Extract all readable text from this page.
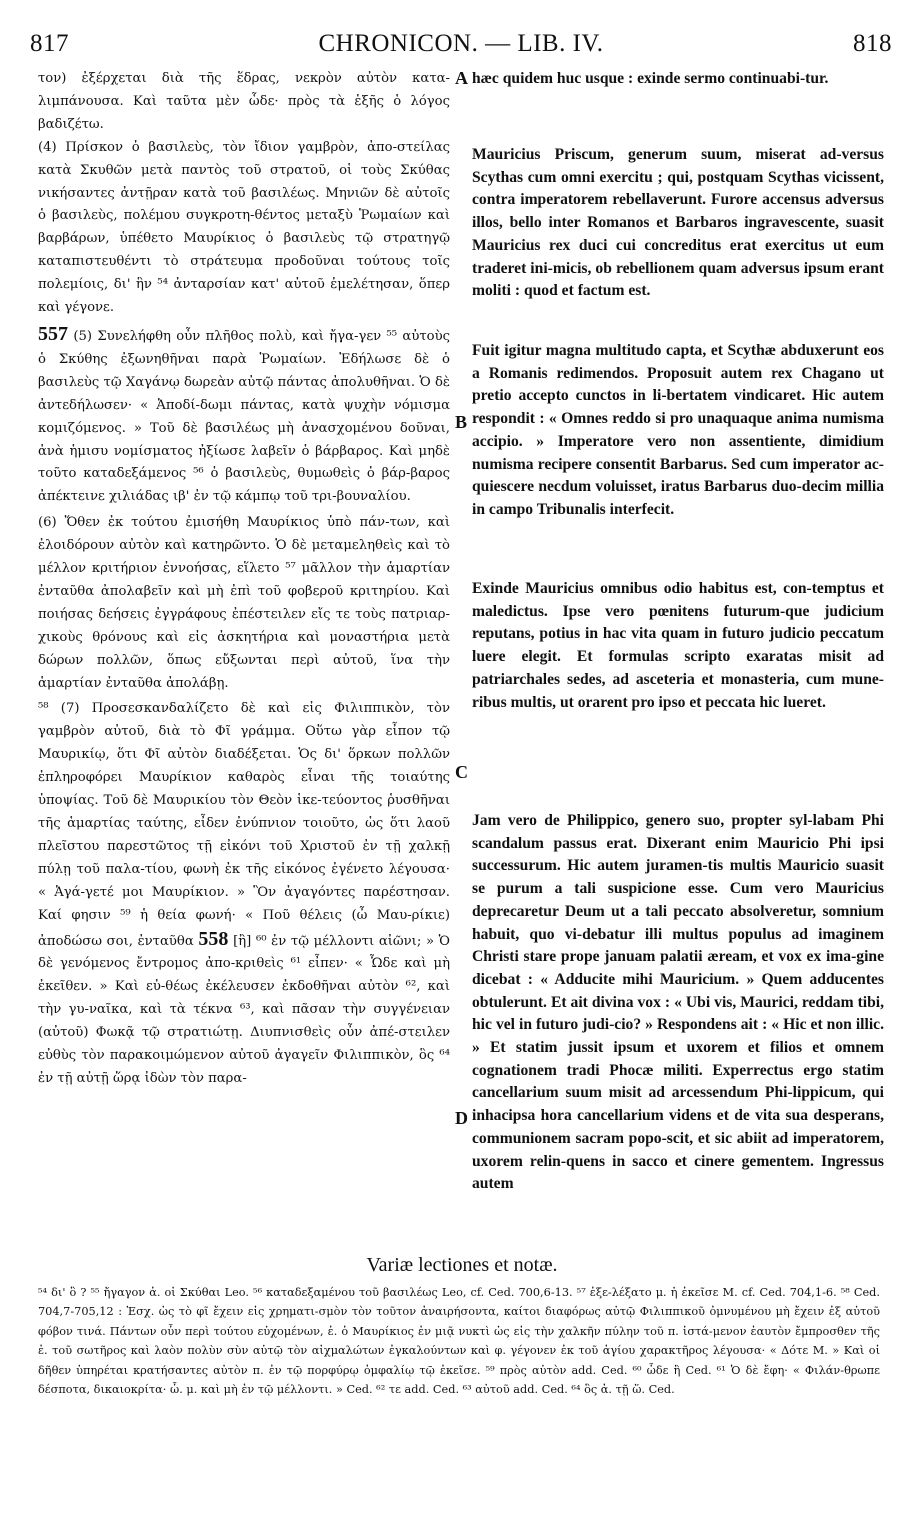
817	CHRONICON. — LIB. IV.	818

τον) ἐξέρχεται διὰ τῆς ἕδρας, νεκρὸν αὐτὸν κατα-λιμπάνουσα. Καὶ ταῦτα μὲν ὧδε· πρὸς τὰ ἑξῆς ὁ λόγος βαδιζέτω.

(4) Πρίσκον ὁ βασιλεὺς, τὸν ἴδιον γαμβρὸν, ἀπο-στείλας κατὰ Σκυθῶν μετὰ παντὸς τοῦ στρατοῦ, οἱ τοὺς Σκύθας νικήσαντες ἀντῇραν κατὰ τοῦ βασιλέως. Μηνιῶν δὲ αὐτοῖς ὁ βασιλεὺς, πολέμου συγκροτη-θέντος μεταξὺ Ῥωμαίων καὶ βαρβάρων, ὑπέθετο Μαυρίκιος ὁ βασιλεὺς τῷ στρατηγῷ καταπιστευθέντι τὸ στράτευμα προδοῦναι τούτους τοῖς πολεμίοις, δι' ἣν ⁵⁴ ἀνταρσίαν κατ' αὐτοῦ ἐμελέτησαν, ὅπερ καὶ γέγονε.

557 (5) Συνελήφθη οὖν πλῆθος πολὺ, καὶ ἤγα-γεν ⁵⁵ αὐτοὺς ὁ Σκύθης ἐξωνηθῆναι παρὰ Ῥωμαίων. Ἐδήλωσε δὲ ὁ βασιλεὺς τῷ Χαγάνῳ δωρεὰν αὐτῷ πάντας ἀπολυθῆναι. Ὁ δὲ ἀντεδήλωσεν· « Ἀποδί-δωμι πάντας, κατὰ ψυχὴν νόμισμα κομιζόμενος. » Τοῦ δὲ βασιλέως μὴ ἀνασχομένου δοῦναι, ἀνὰ ἡμισυ νομίσματος ἠξίωσε λαβεῖν ὁ βάρβαρος. Καὶ μηδὲ τοῦτο καταδεξάμενος ⁵⁶ ὁ βασιλεὺς, θυμωθεὶς ὁ βάρ-βαρος ἀπέκτεινε χιλιάδας ιβ' ἐν τῷ κάμπῳ τοῦ τρι-βουναλίου.

(6) Ὅθεν ἐκ τούτου ἐμισήθη Μαυρίκιος ὑπὸ πάν-των, καὶ ἐλοιδόρουν αὐτὸν καὶ κατηρῶντο. Ὁ δὲ μεταμεληθεὶς καὶ τὸ μέλλον κριτήριον ἐννοήσας, εἵλετο ⁵⁷ μᾶλλον τὴν ἁμαρτίαν ἐνταῦθα ἀπολαβεῖν καὶ μὴ ἐπὶ τοῦ φοβεροῦ κριτηρίου. Καὶ ποιήσας δεήσεις ἐγγράφους ἐπέστειλεν εἴς τε τοὺς πατριαρ-χικοὺς θρόνους καὶ εἰς ἀσκητήρια καὶ μοναστήρια μετὰ δώρων πολλῶν, ὅπως εὔξωνται περὶ αὐτοῦ, ἵνα τὴν ἁμαρτίαν ἐνταῦθα ἀπολάβῃ.

⁵⁸ (7) Προσεσκανδαλίζετο δὲ καὶ εἰς Φιλιππικὸν, τὸν γαμβρὸν αὐτοῦ, διὰ τὸ Φῖ γράμμα. Οὕτω γὰρ εἶπον τῷ Μαυρικίῳ, ὅτι Φῖ αὐτὸν διαδέξεται. Ὁς δι' ὅρκων πολλῶν ἐπληροφόρει Μαυρίκιον καθαρὸς εἶναι τῆς τοιαύτης ὑποψίας. Τοῦ δὲ Μαυρικίου τὸν Θεὸν ἱκε-τεύοντος ῥυσθῆναι τῆς ἁμαρτίας ταύτης, εἶδεν ἐνύπνιον τοιοῦτο, ὡς ὅτι λαοῦ πλεῖστου παρεστῶτος τῇ εἰκόνι τοῦ Χριστοῦ ἐν τῇ χαλκῇ πύλῃ τοῦ παλα-τίου, φωνὴ ἐκ τῆς εἰκόνος ἐγένετο λέγουσα· « Ἀγά-γετέ μοι Μαυρίκιον. » Ὃν ἀγαγόντες παρέστησαν. Καί φησιν ⁵⁹ ἡ θεία φωνή· « Ποῦ θέλεις (ὦ Μαυ-ρίκιε) ἀποδώσω σοι, ἐνταῦθα 558 [ἢ] ⁶⁰ ἐν τῷ μέλλοντι αἰῶνι; » Ὁ δὲ γενόμενος ἔντρομος ἀπο-κριθεὶς ⁶¹ εἶπεν· « Ὧδε καὶ μὴ ἐκεῖθεν. » Καὶ εὐ-θέως ἐκέλευσεν ἐκδοθῆναι αὐτὸν ⁶², καὶ τὴν γυ-ναῖκα, καὶ τὰ τέκνα ⁶³, καὶ πᾶσαν τὴν συγγένειαν (αὐτοῦ) Φωκᾷ τῷ στρατιώτῃ. Διυπνισθεὶς οὖν ἀπέ-στειλεν εὐθὺς τὸν παρακοιμώμενον αὐτοῦ ἀγαγεῖν Φιλιππικὸν, ὃς ⁶⁴ ἐν τῇ αὐτῇ ὥρᾳ ἰδὼν τὸν παρα-

A
B
C
D

hæc quidem huc usque : exinde sermo continuabi-tur.

Mauricius Priscum, generum suum, miserat ad-versus Scythas cum omni exercitu ; qui, postquam Scythas vicissent, contra imperatorem rebellaverunt. Furore accensus adversus illos, bello inter Romanos et Barbaros ingravescente, suasit Mauricius rex duci cui concreditus erat exercitus ut eum traderet ini-micis, ob rebellionem quam adversus ipsum erant moliti : quod et factum est.

Fuit igitur magna multitudo capta, et Scythæ abduxerunt eos a Romanis redimendos. Proposuit autem rex Chagano ut pretio accepto cunctos in li-bertatem vindicaret. Hic autem respondit : « Omnes reddo si pro unaquaque anima numisma accipio. » Imperatore vero non assentiente, dimidium numisma recipere consentit Barbarus. Sed cum imperator ac-quiescere necdum voluisset, iratus Barbarus duo-decim millia in campo Tribunalis interfecit.

Exinde Mauricius omnibus odio habitus est, con-temptus et maledictus. Ipse vero pœnitens futurum-que judicium reputans, potius in hac vita quam in futuro judicio peccatum luere elegit. Et formulas scripto exaratas misit ad patriarchales sedes, ad asceteria et monasteria, cum mune-ribus multis, ut orarent pro ipso et peccata hic lueret.

Jam vero de Philippico, genero suo, propter syl-labam Phi scandalum passus erat. Dixerant enim Mauricio Phi ipsi successurum. Hic autem juramen-tis multis Mauricio suasit se purum a tali suspicione esse. Cum vero Mauricius deprecaretur Deum ut a tali peccato absolveretur, somnium habuit, quo vi-debatur illi multus populus ad imaginem Christi stare prope januam palatii æream, et vox ex ima-gine dicebat : « Adducite mihi Mauricium. » Quem adducentes obtulerunt. Et ait divina vox : « Ubi vis, Maurici, reddam tibi, hic vel in futuro judi-cio? » Respondens ait : « Hic et non illic. » Et statim jussit ipsum et uxorem et filios et omnem cognationem tradi Phocæ militi. Experrectus ergo statim cancellarium suum misit ad arcessendum Phi-lippicum, qui inhacipsa hora cancellarium videns et de vita sua desperans, communionem sacram popo-scit, et sic abiit ad imperatorem, uxorem relin-quens in sacco et cinere gementem. Ingressus autem

Variæ lectiones et notæ.

⁵⁴ δι' ὃ ? ⁵⁵ ἤγαγον ἀ. οἱ Σκύθαι Leo. ⁵⁶ καταδεξαμένου τοῦ βασιλέως Leo, cf. Ced. 700,6-13. ⁵⁷ ἐξε-λέξατο μ. ἡ ἐκεῖσε M. cf. Ced. 704,1-6. ⁵⁸ Ced. 704,7-705,12 : Ἐσχ. ὡς τὸ φῖ ἔχειν εἰς χρηματι-σμὸν τὸν τοῦτον ἀναιρήσοντα, καίτοι διαφόρως αὐτῷ Φιλιππικοῦ ὀμνυμένου μὴ ἔχειν ἐξ αὐτοῦ φόβον τινά. Πάντων οὖν περὶ τούτου εὐχομένων, ἐ. ὁ Μαυρίκιος ἐν μιᾷ νυκτὶ ὡς εἰς τὴν χαλκῆν πύλην τοῦ π. ἱστά-μενον ἑαυτὸν ἔμπροσθεν τῆς ἐ. τοῦ σωτῆρος καὶ λαὸν πολὺν σὺν αὐτῷ τὸν αἰχμαλώτων ἐγκαλούντων καὶ φ. γέγονεν ἐκ τοῦ ἁγίου χαρακτῆρος λέγουσα· « Δότε Μ. » Καὶ οἱ δῆθεν ὑπηρέται κρατήσαντες αὐτὸν π. ἐν τῷ πορφύρῳ ὀμφαλίῳ τῷ ἐκεῖσε. ⁵⁹ πρὸς αὐτὸν add. Ced. ⁶⁰ ὧδε ἢ Ced. ⁶¹ Ὁ δὲ ἔφη· « Φιλάν-θρωπε δέσποτα, δικαιοκρίτα· ὧ. μ. καὶ μὴ ἐν τῷ μέλλοντι. » Ced. ⁶² τε add. Ced. ⁶³ αὐτοῦ add. Ced. ⁶⁴ ὃς ἀ. τῇ ὥ. Ced.
